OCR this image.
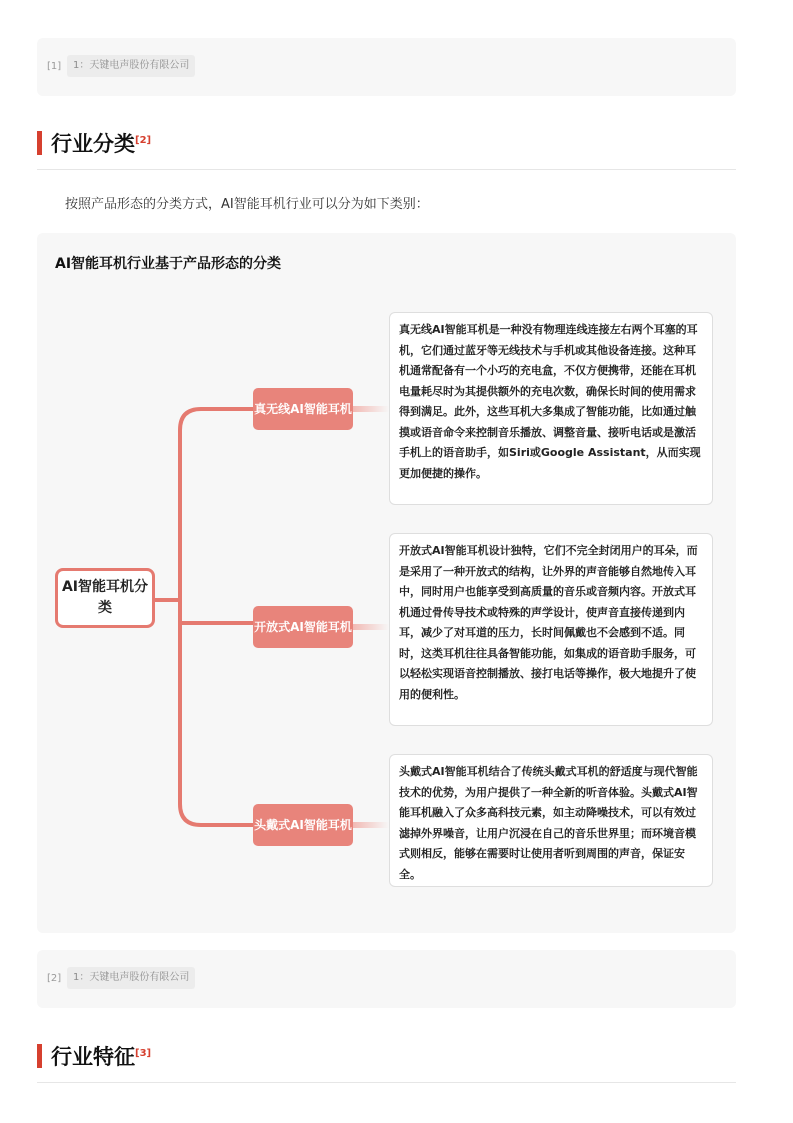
[1]	1：天键电声股份有限公司
行业分类[2]
按照产品形态的分类方式，AI智能耳机行业可以分为如下类别：
AI智能耳机行业基于产品形态的分类
AI智能耳机分类
真无线AI智能耳机
开放式AI智能耳机
头戴式AI智能耳机
真无线AI智能耳机是一种没有物理连线连接左右两个耳塞的耳机，它们通过蓝牙等无线技术与手机或其他设备连接。这种耳机通常配备有一个小巧的充电盒，不仅方便携带，还能在耳机电量耗尽时为其提供额外的充电次数，确保长时间的使用需求得到满足。此外，这些耳机大多集成了智能功能，比如通过触摸或语音命令来控制音乐播放、调整音量、接听电话或是激活手机上的语音助手，如Siri或Google Assistant，从而实现更加便捷的操作。
开放式AI智能耳机设计独特，它们不完全封闭用户的耳朵，而是采用了一种开放式的结构，让外界的声音能够自然地传入耳中，同时用户也能享受到高质量的音乐或音频内容。开放式耳机通过骨传导技术或特殊的声学设计，使声音直接传递到内耳，减少了对耳道的压力，长时间佩戴也不会感到不适。同时，这类耳机往往具备智能功能，如集成的语音助手服务，可以轻松实现语音控制播放、接打电话等操作，极大地提升了使用的便利性。
头戴式AI智能耳机结合了传统头戴式耳机的舒适度与现代智能技术的优势，为用户提供了一种全新的听音体验。头戴式AI智能耳机融入了众多高科技元素，如主动降噪技术，可以有效过滤掉外界噪音，让用户沉浸在自己的音乐世界里；而环境音模式则相反，能够在需要时让使用者听到周围的声音，保证安全。
[2]	1：天键电声股份有限公司
行业特征[3]
